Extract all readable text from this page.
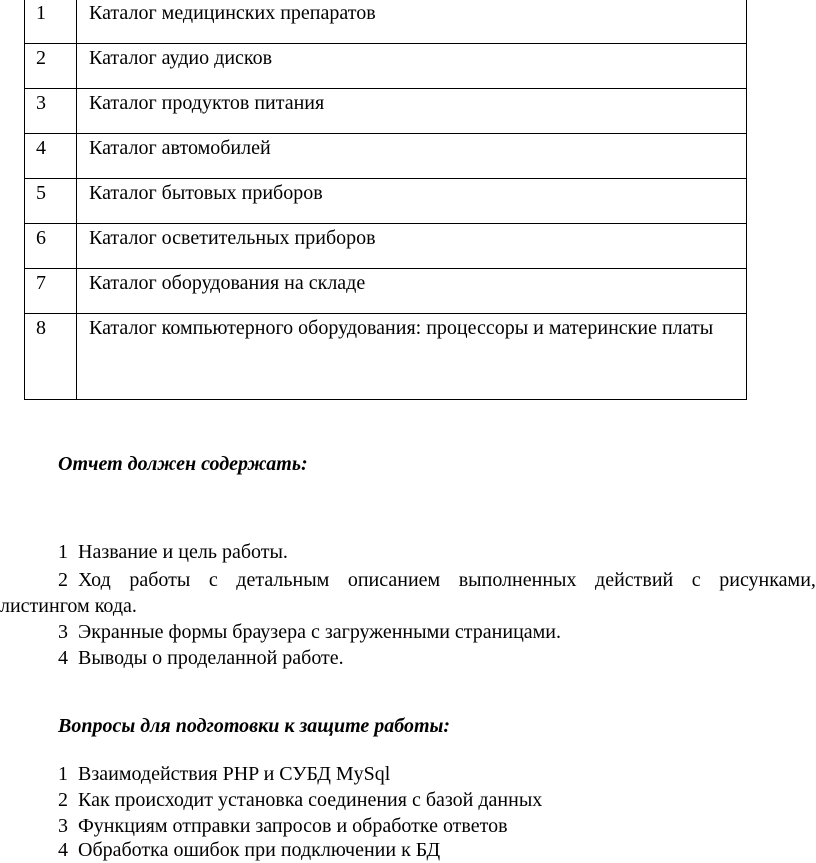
1	Каталог медицинских препаратов
2	Каталог аудио дисков
3	Каталог продуктов питания
4	Каталог автомобилей
5	Каталог бытовых приборов
6	Каталог осветительных приборов
7	Каталог оборудования на складе
8	Каталог компьютерного оборудования: процессоры и материнские платы
Отчет должен содержать:
1 Название и цель работы.
2 Ход работы с детальным описанием выполненных действий с рисунками,
листингом кода.
3 Экранные формы браузера с загруженными страницами.
4 Выводы о проделанной работе.
Вопросы для подготовки к защите работы:
1 Взаимодействия PHP и СУБД MySql
2 Как происходит установка соединения с базой данных
3 Функциям отправки запросов и обработке ответов
4 Обработка ошибок при подключении к БД
